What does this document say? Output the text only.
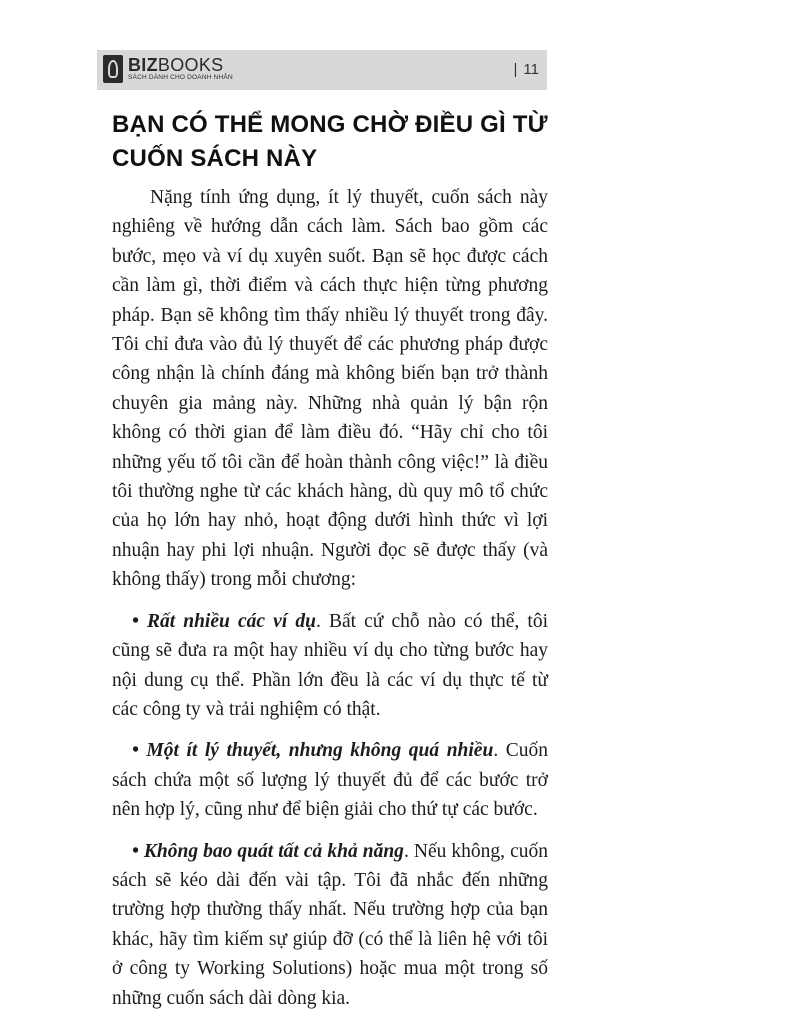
BIZBOOKS
SÁCH DÀNH CHO DOANH NHÂN	| 11
BẠN CÓ THỂ MONG CHỜ ĐIỀU GÌ TỪ CUỐN SÁCH NÀY

Nặng tính ứng dụng, ít lý thuyết, cuốn sách này nghiêng về hướng dẫn cách làm. Sách bao gồm các bước, mẹo và ví dụ xuyên suốt. Bạn sẽ học được cách cần làm gì, thời điểm và cách thực hiện từng phương pháp. Bạn sẽ không tìm thấy nhiều lý thuyết trong đây. Tôi chỉ đưa vào đủ lý thuyết để các phương pháp được công nhận là chính đáng mà không biến bạn trở thành chuyên gia mảng này. Những nhà quản lý bận rộn không có thời gian để làm điều đó. “Hãy chỉ cho tôi những yếu tố tôi cần để hoàn thành công việc!” là điều tôi thường nghe từ các khách hàng, dù quy mô tổ chức của họ lớn hay nhỏ, hoạt động dưới hình thức vì lợi nhuận hay phi lợi nhuận. Người đọc sẽ được thấy (và không thấy) trong mỗi chương:

• Rất nhiều các ví dụ. Bất cứ chỗ nào có thể, tôi cũng sẽ đưa ra một hay nhiều ví dụ cho từng bước hay nội dung cụ thể. Phần lớn đều là các ví dụ thực tế từ các công ty và trải nghiệm có thật.

• Một ít lý thuyết, nhưng không quá nhiều. Cuốn sách chứa một số lượng lý thuyết đủ để các bước trở nên hợp lý, cũng như để biện giải cho thứ tự các bước.

• Không bao quát tất cả khả năng. Nếu không, cuốn sách sẽ kéo dài đến vài tập. Tôi đã nhắc đến những trường hợp thường thấy nhất. Nếu trường hợp của bạn khác, hãy tìm kiếm sự giúp đỡ (có thể là liên hệ với tôi ở công ty Working Solutions) hoặc mua một trong số những cuốn sách dài dòng kia.
